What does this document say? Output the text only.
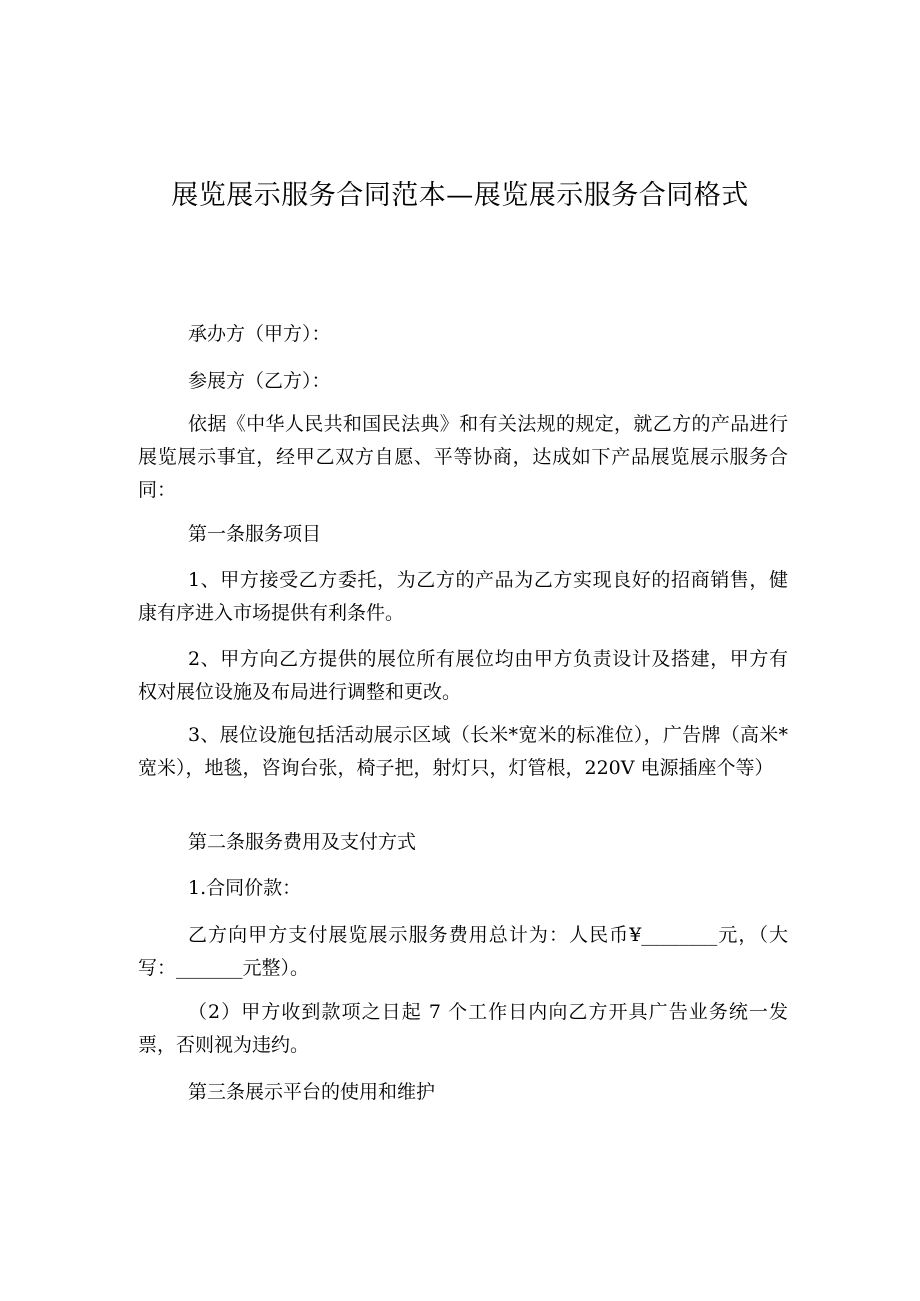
展览展示服务合同范本—展览展示服务合同格式

承办方（甲方）：

参展方（乙方）：

依据《中华人民共和国民法典》和有关法规的规定，就乙方的产品进行展览展示事宜，经甲乙双方自愿、平等协商，达成如下产品展览展示服务合同：

第一条服务项目

1、甲方接受乙方委托，为乙方的产品为乙方实现良好的招商销售，健康有序进入市场提供有利条件。

2、甲方向乙方提供的展位所有展位均由甲方负责设计及搭建，甲方有权对展位设施及布局进行调整和更改。

3、展位设施包括活动展示区域（长米*宽米的标准位），广告牌（高米*宽米），地毯，咨询台张，椅子把，射灯只，灯管根，220V 电源插座个等）

第二条服务费用及支付方式

1.合同价款：

乙方向甲方支付展览展示服务费用总计为：人民币¥________元，（大写：_______元整）。

（2）甲方收到款项之日起 7 个工作日内向乙方开具广告业务统一发票，否则视为违约。

第三条展示平台的使用和维护
